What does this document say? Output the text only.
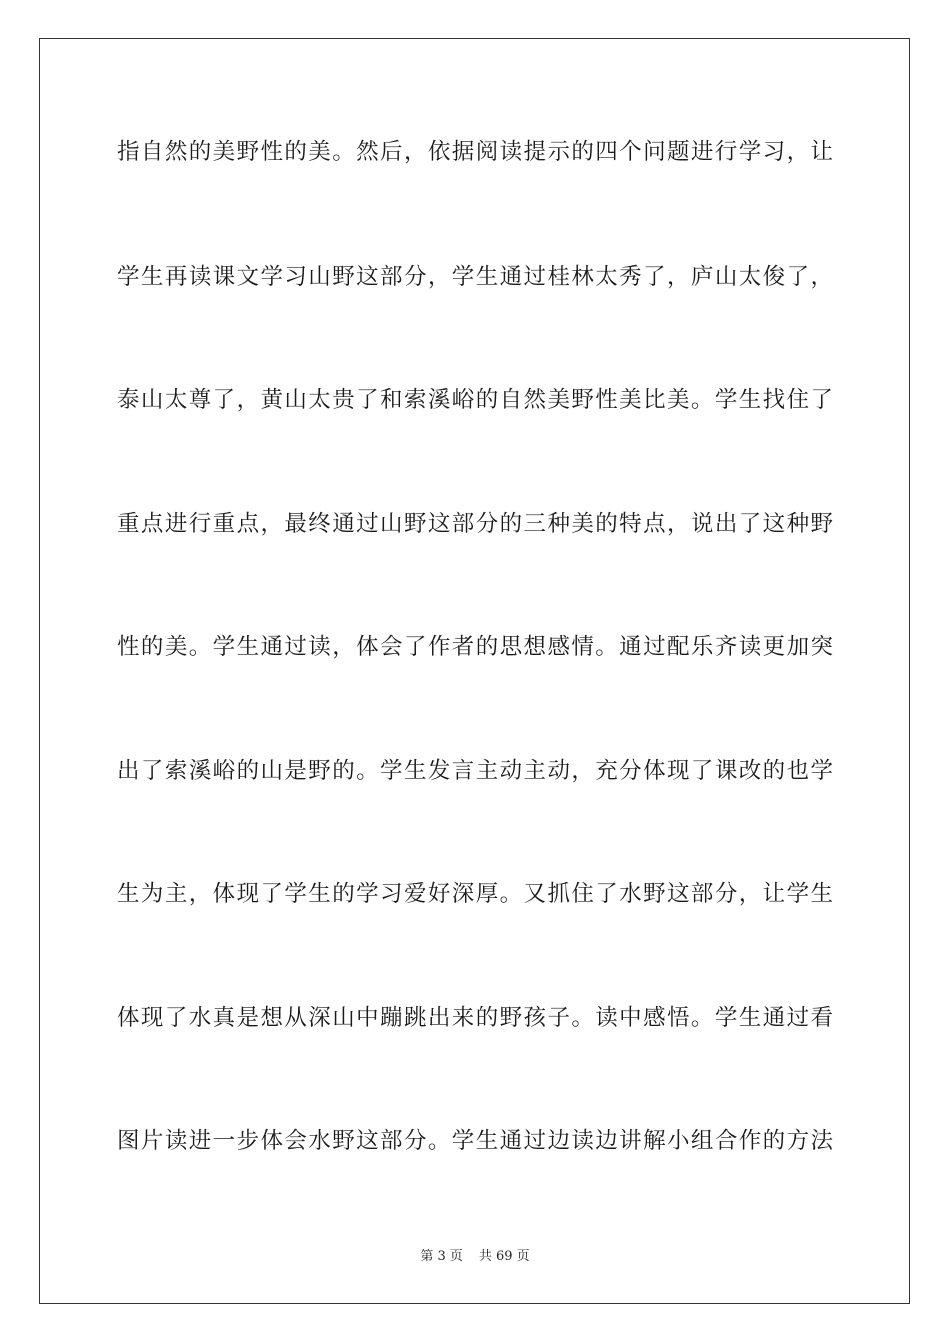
指自然的美野性的美。然后，依据阅读提示的四个问题进行学习，让
学生再读课文学习山野这部分，学生通过桂林太秀了，庐山太俊了，
泰山太尊了，黄山太贵了和索溪峪的自然美野性美比美。学生找住了
重点进行重点，最终通过山野这部分的三种美的特点，说出了这种野
性的美。学生通过读，体会了作者的思想感情。通过配乐齐读更加突
出了索溪峪的山是野的。学生发言主动主动，充分体现了课改的也学
生为主，体现了学生的学习爱好深厚。又抓住了水野这部分，让学生
体现了水真是想从深山中蹦跳出来的野孩子。读中感悟。学生通过看
图片读进一步体会水野这部分。学生通过边读边讲解小组合作的方法
第 3 页 共 69 页
